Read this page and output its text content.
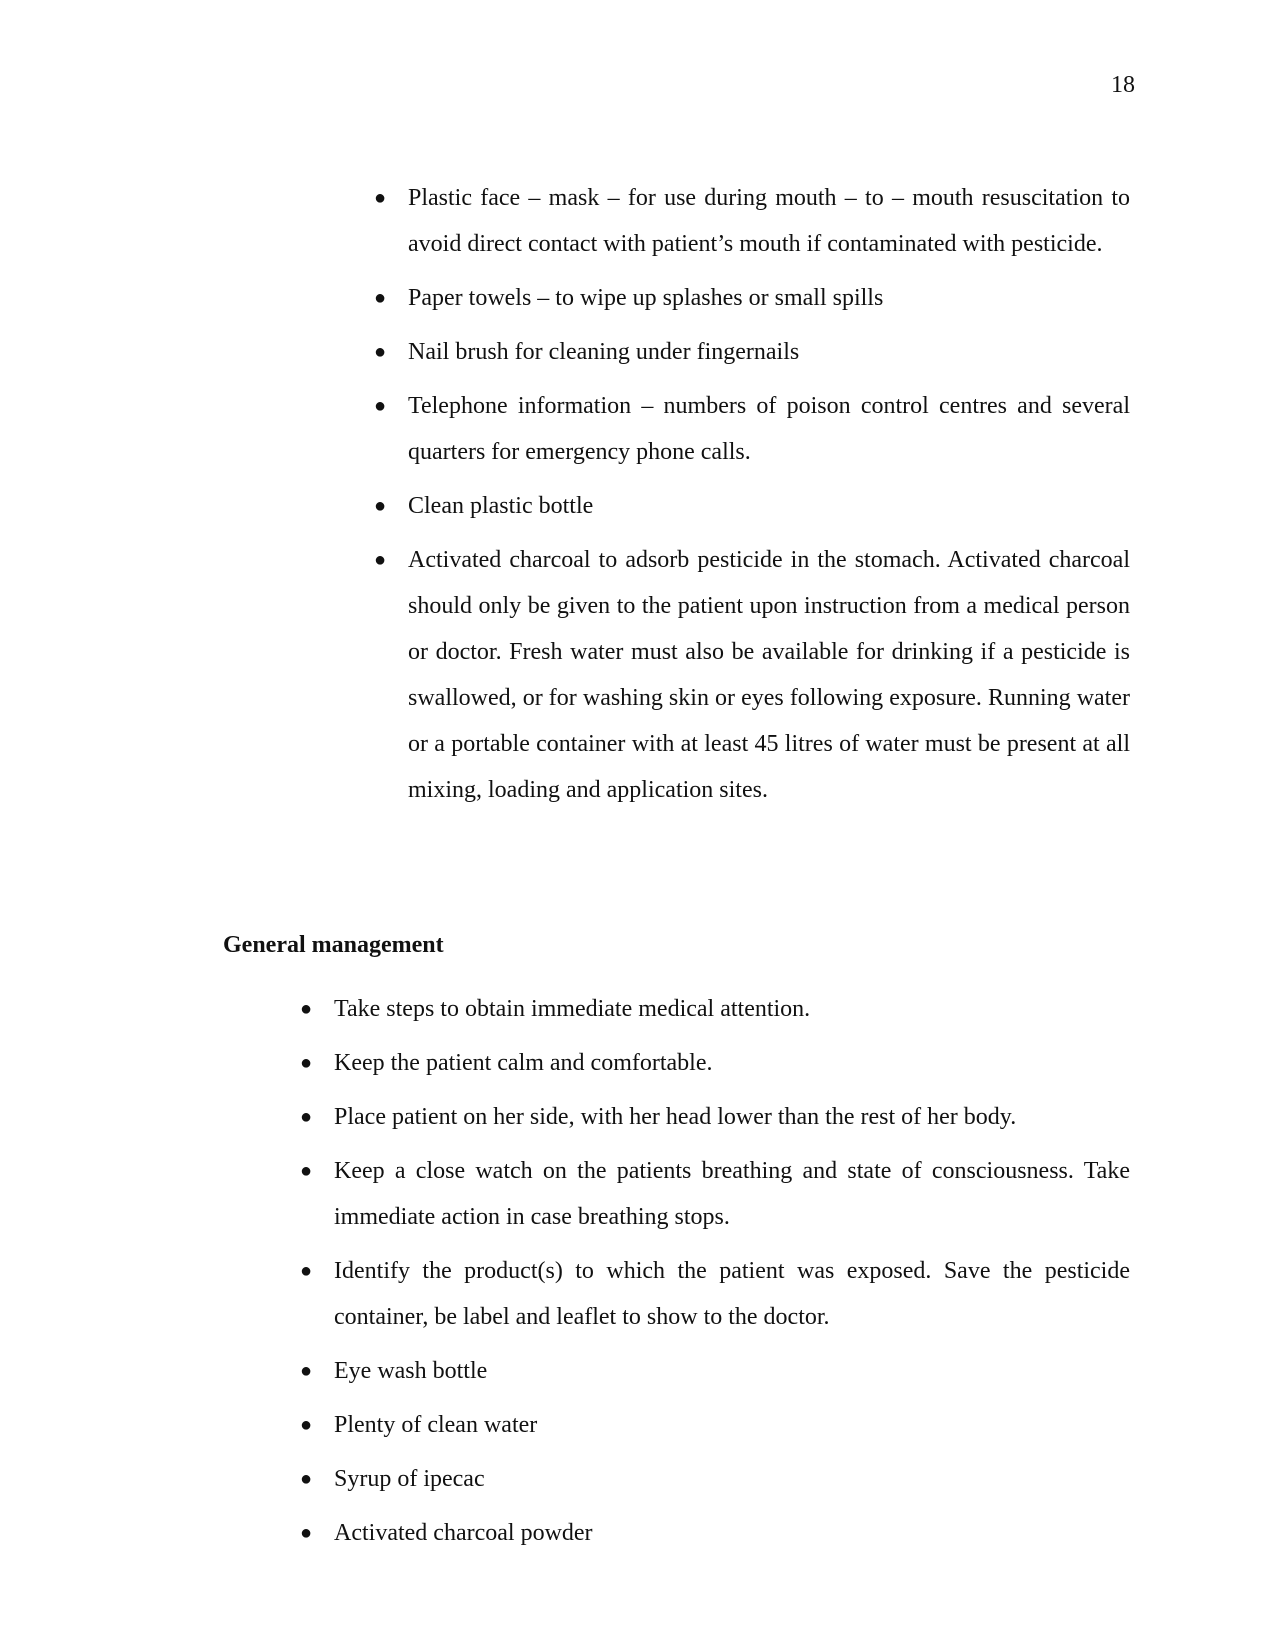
18
● Plastic face – mask – for use during mouth – to – mouth resuscitation to avoid direct contact with patient’s mouth if contaminated with pesticide.
● Paper towels – to wipe up splashes or small spills
● Nail brush for cleaning under fingernails
● Telephone information – numbers of poison control centres and several quarters for emergency phone calls.
● Clean plastic bottle
● Activated charcoal to adsorb pesticide in the stomach. Activated charcoal should only be given to the patient upon instruction from a medical person or doctor. Fresh water must also be available for drinking if a pesticide is swallowed, or for washing skin or eyes following exposure. Running water or a portable container with at least 45 litres of water must be present at all mixing, loading and application sites.
General management
● Take steps to obtain immediate medical attention.
● Keep the patient calm and comfortable.
● Place patient on her side, with her head lower than the rest of her body.
● Keep a close watch on the patients breathing and state of consciousness. Take immediate action in case breathing stops.
● Identify the product(s) to which the patient was exposed. Save the pesticide container, be label and leaflet to show to the doctor.
● Eye wash bottle
● Plenty of clean water
● Syrup of ipecac
● Activated charcoal powder
